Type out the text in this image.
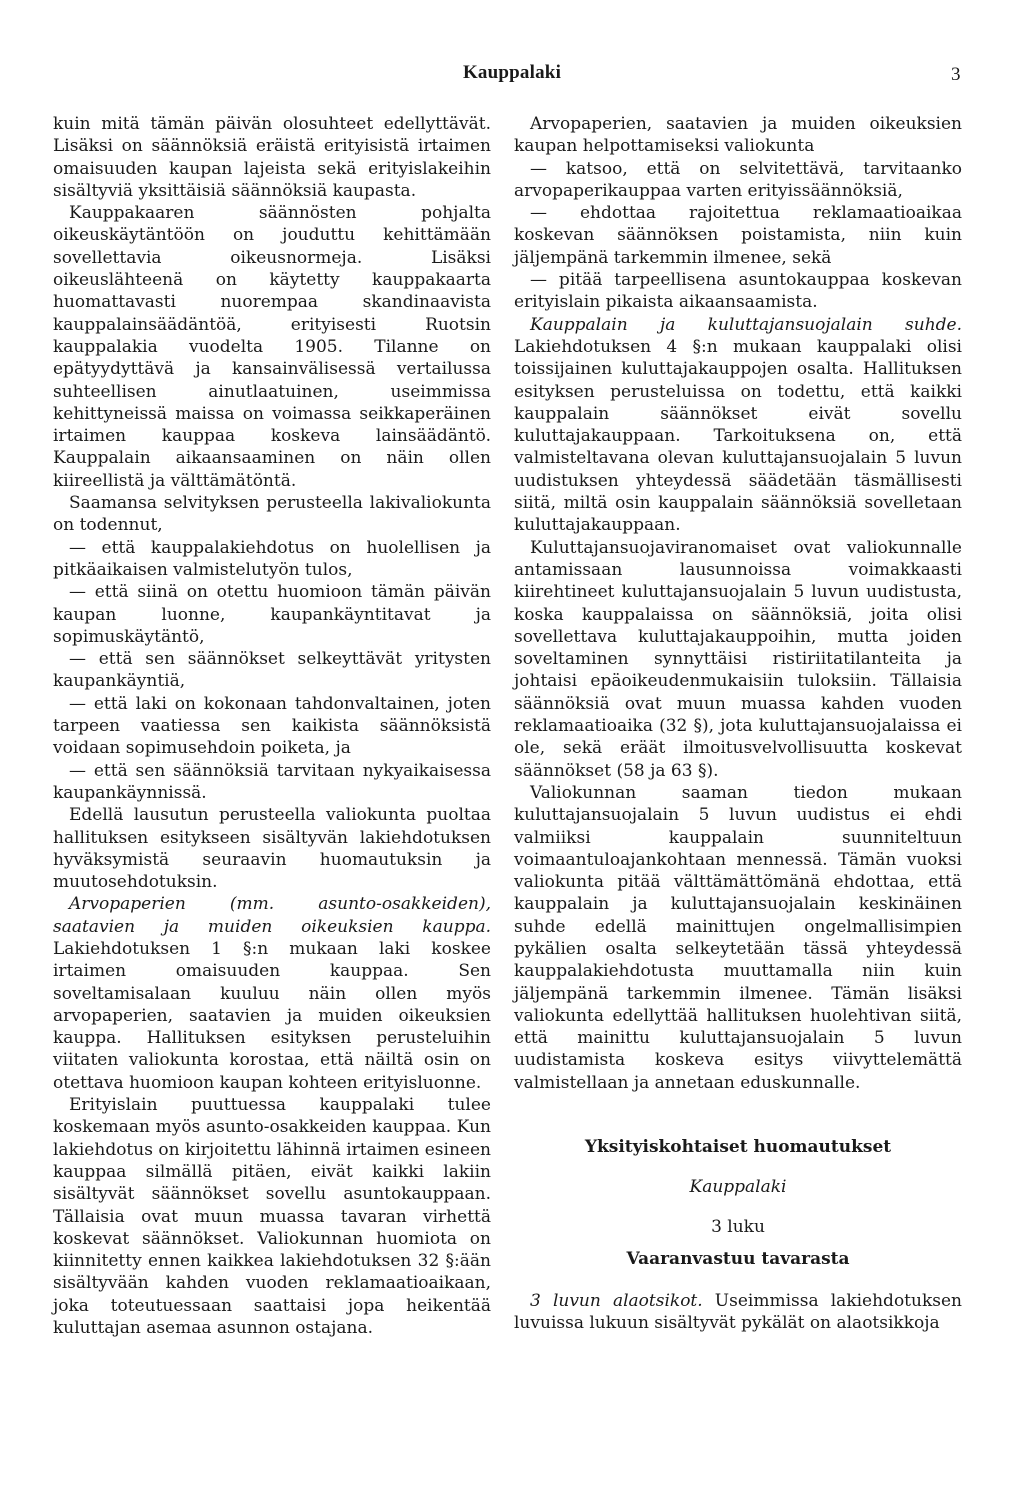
Kauppalaki	3

kuin mitä tämän päivän olosuhteet edellyttävät. Lisäksi on säännöksiä eräistä erityisistä irtaimen omaisuuden kaupan lajeista sekä erityislakeihin sisältyviä yksittäisiä säännöksiä kaupasta.

Kauppakaaren säännösten pohjalta oikeuskäytäntöön on jouduttu kehittämään sovellettavia oikeusnormeja. Lisäksi oikeuslähteenä on käytetty kauppakaarta huomattavasti nuorempaa skandinaavista kauppalainsäädäntöä, erityisesti Ruotsin kauppalakia vuodelta 1905. Tilanne on epätyydyttävä ja kansainvälisessä vertailussa suhteellisen ainutlaatuinen, useimmissa kehittyneissä maissa on voimassa seikkaperäinen irtaimen kauppaa koskeva lainsäädäntö. Kauppalain aikaansaaminen on näin ollen kiireellistä ja välttämätöntä.

Saamansa selvityksen perusteella lakivaliokunta on todennut,

— että kauppalakiehdotus on huolellisen ja pitkäaikaisen valmistelutyön tulos,

— että siinä on otettu huomioon tämän päivän kaupan luonne, kaupankäyntitavat ja sopimuskäytäntö,

— että sen säännökset selkeyttävät yritysten kaupankäyntiä,

— että laki on kokonaan tahdonvaltainen, joten tarpeen vaatiessa sen kaikista säännöksistä voidaan sopimusehdoin poiketa, ja

— että sen säännöksiä tarvitaan nykyaikaisessa kaupankäynnissä.

Edellä lausutun perusteella valiokunta puoltaa hallituksen esitykseen sisältyvän lakiehdotuksen hyväksymistä seuraavin huomautuksin ja muutosehdotuksin.

Arvopaperien (mm. asunto-osakkeiden), saatavien ja muiden oikeuksien kauppa. Lakiehdotuksen 1 §:n mukaan laki koskee irtaimen omaisuuden kauppaa. Sen soveltamisalaan kuuluu näin ollen myös arvopaperien, saatavien ja muiden oikeuksien kauppa. Hallituksen esityksen perusteluihin viitaten valiokunta korostaa, että näiltä osin on otettava huomioon kaupan kohteen erityisluonne.

Erityislain puuttuessa kauppalaki tulee koskemaan myös asunto-osakkeiden kauppaa. Kun lakiehdotus on kirjoitettu lähinnä irtaimen esineen kauppaa silmällä pitäen, eivät kaikki lakiin sisältyvät säännökset sovellu asuntokauppaan. Tällaisia ovat muun muassa tavaran virhettä koskevat säännökset. Valiokunnan huomiota on kiinnitetty ennen kaikkea lakiehdotuksen 32 §:ään sisältyvään kahden vuoden reklamaatioaikaan, joka toteutuessaan saattaisi jopa heikentää kuluttajan asemaa asunnon ostajana.

Arvopaperien, saatavien ja muiden oikeuksien kaupan helpottamiseksi valiokunta

— katsoo, että on selvitettävä, tarvitaanko arvopaperikauppaa varten erityissäännöksiä,

— ehdottaa rajoitettua reklamaatioaikaa koskevan säännöksen poistamista, niin kuin jäljempänä tarkemmin ilmenee, sekä

— pitää tarpeellisena asuntokauppaa koskevan erityislain pikaista aikaansaamista.

Kauppalain ja kuluttajansuojalain suhde. Lakiehdotuksen 4 §:n mukaan kauppalaki olisi toissijainen kuluttajakauppojen osalta. Hallituksen esityksen perusteluissa on todettu, että kaikki kauppalain säännökset eivät sovellu kuluttajakauppaan. Tarkoituksena on, että valmisteltavana olevan kuluttajansuojalain 5 luvun uudistuksen yhteydessä säädetään täsmällisesti siitä, miltä osin kauppalain säännöksiä sovelletaan kuluttajakauppaan.

Kuluttajansuojaviranomaiset ovat valiokunnalle antamissaan lausunnoissa voimakkaasti kiirehtineet kuluttajansuojalain 5 luvun uudistusta, koska kauppalaissa on säännöksiä, joita olisi sovellettava kuluttajakauppoihin, mutta joiden soveltaminen synnyttäisi ristiriitatilanteita ja johtaisi epäoikeudenmukaisiin tuloksiin. Tällaisia säännöksiä ovat muun muassa kahden vuoden reklamaatioaika (32 §), jota kuluttajansuojalaissa ei ole, sekä eräät ilmoitusvelvollisuutta koskevat säännökset (58 ja 63 §).

Valiokunnan saaman tiedon mukaan kuluttajansuojalain 5 luvun uudistus ei ehdi valmiiksi kauppalain suunniteltuun voimaantuloajankohtaan mennessä. Tämän vuoksi valiokunta pitää välttämättömänä ehdottaa, että kauppalain ja kuluttajansuojalain keskinäinen suhde edellä mainittujen ongelmallisimpien pykälien osalta selkeytetään tässä yhteydessä kauppalakiehdotusta muuttamalla niin kuin jäljempänä tarkemmin ilmenee. Tämän lisäksi valiokunta edellyttää hallituksen huolehtivan siitä, että mainittu kuluttajansuojalain 5 luvun uudistamista koskeva esitys viivyttelemättä valmistellaan ja annetaan eduskunnalle.

Yksityiskohtaiset huomautukset

Kauppalaki

3 luku

Vaaranvastuu tavarasta

3 luvun alaotsikot. Useimmissa lakiehdotuksen luvuissa lukuun sisältyvät pykälät on alaotsikkoja
